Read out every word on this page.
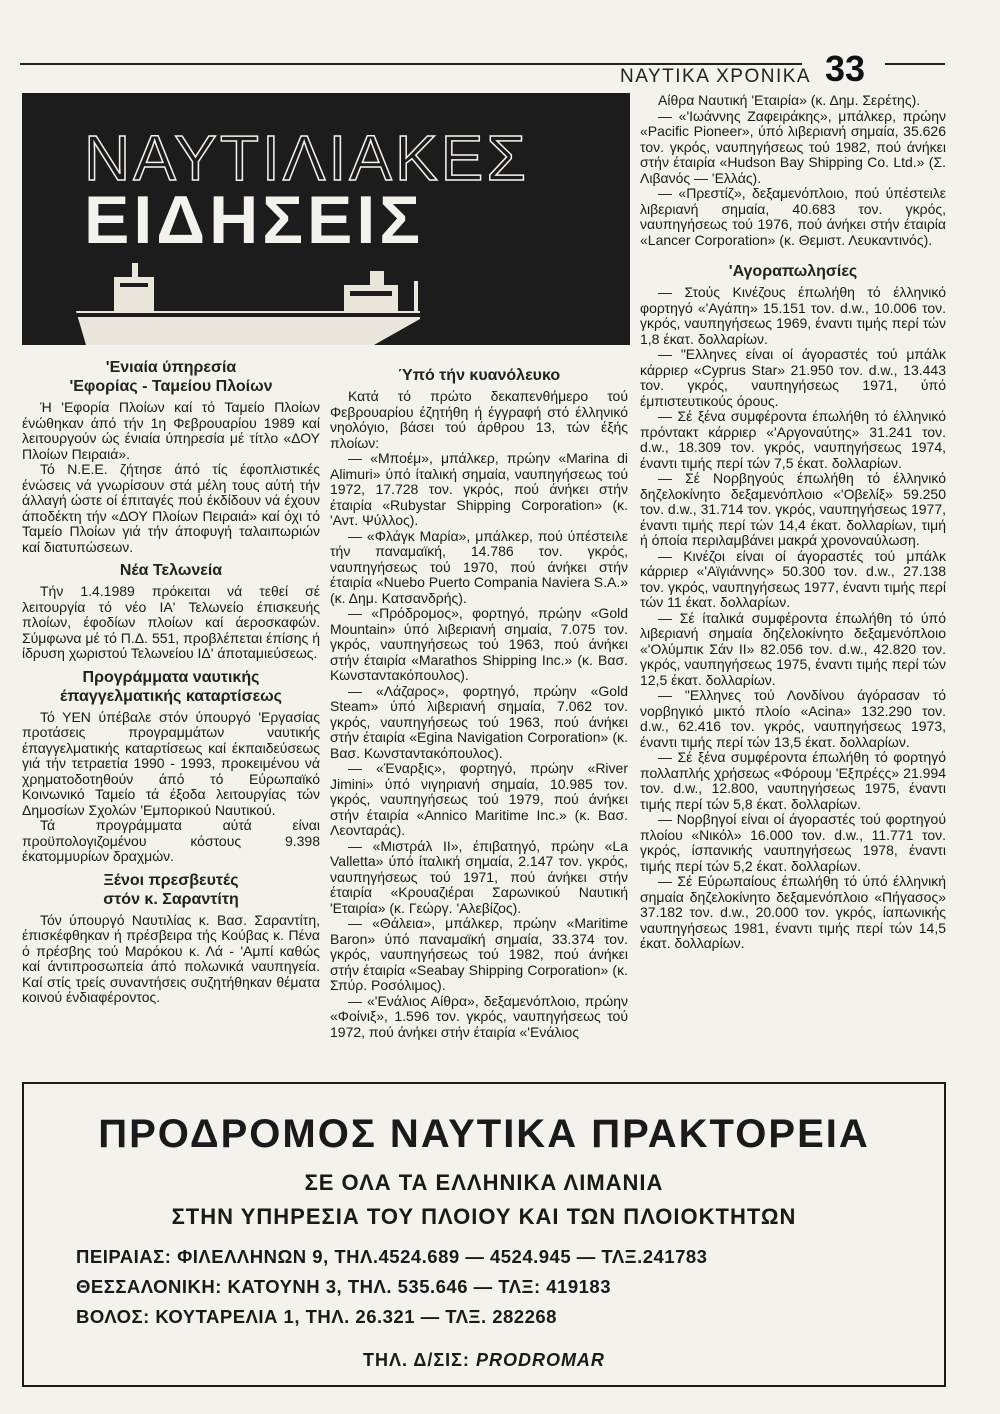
ΝΑΥΤΙΚΑ ΧΡΟΝΙΚΑ 33
ΝΑΥΤΙΛΙΑΚΕΣ
ΕΙΔΗΣΕΙΣ
'Ενιαία ύπηρεσία
'Εφορίας - Ταμείου Πλοίων

Ή 'Εφορία Πλοίων καί τό Ταμείο Πλοίων ένώθηκαν άπό τήν 1η Φεβρουαρίου 1989 καί λειτουργούν ώς ένιαία ύπηρεσία μέ τίτλο «ΔΟΥ Πλοίων Πειραιά».

Τό Ν.Ε.Ε. ζήτησε άπό τίς έφοπλιστικές ένώσεις νά γνωρίσουν στά μέλη τους αύτή τήν άλλαγή ώστε οί έπιταγές πού έκδίδουν νά έχουν άποδέκτη τήν «ΔΟΥ Πλοίων Πειραιά» καί όχι τό Ταμείο Πλοίων γιά τήν άποφυγή ταλαιπωριών καί διατυπώσεων.

Νέα Τελωνεία

Τήν 1.4.1989 πρόκειται νά τεθεί σέ λειτουργία τό νέο ΙΑ' Τελωνείο έπισκευής πλοίων, έφοδίων πλοίων καί άεροσκαφών. Σύμφωνα μέ τό Π.Δ. 551, προβλέπεται έπίσης ή ίδρυση χωριστού Τελωνείου ΙΔ' άποταμιεύσεως.

Προγράμματα ναυτικής
έπαγγελματικής καταρτίσεως

Τό ΥΕΝ ύπέβαλε στόν ύπουργό 'Εργασίας προτάσεις προγραμμάτων ναυτικής έπαγγελματικής καταρτίσεως καί έκπαιδεύσεως γιά τήν τετραετία 1990 - 1993, προκειμένου νά χρηματοδοτηθούν άπό τό Εύρωπαϊκό Κοινωνικό Ταμείο τά έξοδα λειτουργίας τών Δημοσίων Σχολών 'Εμπορικού Ναυτικού.

Τά προγράμματα αύτά είναι προϋπολογιζομένου κόστους 9.398 έκατομμυρίων δραχμών.

Ξένοι πρεσβευτές
στόν κ. Σαραντίτη

Τόν ύπουργό Ναυτιλίας κ. Βασ. Σαραντίτη, έπισκέφθηκαν ή πρέσβειρα τής Κούβας κ. Πένα ό πρέσβης τού Μαρόκου κ. Λά - 'Αμπί καθώς καί άντιπροσωπεία άπό πολωνικά ναυπηγεία. Καί στίς τρείς συναντήσεις συζητήθηκαν θέματα κοινού ένδιαφέροντος.

Ύπό τήν κυανόλευκο

Κατά τό πρώτο δεκαπενθήμερο τού Φεβρουαρίου έζητήθη ή έγγραφή στό έλληνικό νηολόγιο, βάσει τού άρθρου 13, τών έξής πλοίων:

— «Μποέμ», μπάλκερ, πρώην «Marina di Alimuri» ύπό ίταλική σημαία, ναυπηγήσεως τού 1972, 17.728 τον. γκρός, πού άνήκει στήν έταιρία «Rubystar Shipping Corporation» (κ. 'Αντ. Ψύλλος).

— «Φλάγκ Μαρία», μπάλκερ, πού ύπέστειλε τήν παναμαϊκή, 14.786 τον. γκρός, ναυπηγήσεως τού 1970, πού άνήκει στήν έταιρία «Nuebo Puerto Compania Naviera S.A.» (κ. Δημ. Κατσανδρής).

— «Πρόδρομος», φορτηγό, πρώην «Gold Mountain» ύπό λιβεριανή σημαία, 7.075 τον. γκρός, ναυπηγήσεως τού 1963, πού άνήκει στήν έταιρία «Marathos Shipping Inc.» (κ. Βασ. Κωνσταντακόπουλος).

— «Λάζαρος», φορτηγό, πρώην «Gold Steam» ύπό λιβεριανή σημαία, 7.062 τον. γκρός, ναυπηγήσεως τού 1963, πού άνήκει στήν έταιρία «Egina Navigation Corporation» (κ. Βασ. Κωνσταντακόπουλος).

— «Έναρξις», φορτηγό, πρώην «River Jimini» ύπό νιγηριανή σημαία, 10.985 τον. γκρός, ναυπηγήσεως τού 1979, πού άνήκει στήν έταιρία «Annico Maritime Inc.» (κ. Βασ. Λεονταράς).

— «Μιστράλ ΙΙ», έπιβατηγό, πρώην «La Valletta» ύπό ίταλική σημαία, 2.147 τον. γκρός, ναυπηγήσεως τού 1971, πού άνήκει στήν έταιρία «Κρουαζιέραι Σαρωνικού Ναυτική 'Εταιρία» (κ. Γεώργ. 'Αλεβίζος).

— «Θάλεια», μπάλκερ, πρώην «Maritime Baron» ύπό παναμαϊκή σημαία, 33.374 τον. γκρός, ναυπηγήσεως τού 1982, πού άνήκει στήν έταιρία «Seabay Shipping Corporation» (κ. Σπύρ. Ροσόλιμος).

— «'Ενάλιος Αίθρα», δεξαμενόπλοιο, πρώην «Φοίνιξ», 1.596 τον. γκρός, ναυπηγήσεως τού 1972, πού άνήκει στήν έταιρία «'Ενάλιος

Αίθρα Ναυτική 'Εταιρία» (κ. Δημ. Σερέτης).

— «'Ιωάννης Ζαφειράκης», μπάλκερ, πρώην «Pacific Pioneer», ύπό λιβεριανή σημαία, 35.626 τον. γκρός, ναυπηγήσεως τού 1982, πού άνήκει στήν έταιρία «Hudson Bay Shipping Co. Ltd.» (Σ. Λιβανός — 'Ελλάς).

— «Πρεστίζ», δεξαμενόπλοιο, πού ύπέστειλε λιβεριανή σημαία, 40.683 τον. γκρός, ναυπηγήσεως τού 1976, πού άνήκει στήν έταιρία «Lancer Corporation» (κ. Θεμιστ. Λευκαντινός).

'Αγοραπωλησίες

— Στούς Κινέζους έπωλήθη τό έλληνικό φορτηγό «'Αγάπη» 15.151 τον. d.w., 10.006 τον. γκρός, ναυπηγήσεως 1969, έναντι τιμής περί τών 1,8 έκατ. δολλαρίων.

— "Ελληνες είναι οί άγοραστές τού μπάλκ κάρριερ «Cyprus Star» 21.950 τον. d.w., 13.443 τον. γκρός, ναυπηγήσεως 1971, ύπό έμπιστευτικούς όρους.

— Σέ ξένα συμφέροντα έπωλήθη τό έλληνικό πρόντακτ κάρριερ «'Αργοναύτης» 31.241 τον. d.w., 18.309 τον. γκρός, ναυπηγήσεως 1974, έναντι τιμής περί τών 7,5 έκατ. δολλαρίων.

— Σέ Νορβηγούς έπωλήθη τό έλληνικό δηζελοκίνητο δεξαμενόπλοιο «'Οβελίξ» 59.250 τον. d.w., 31.714 τον. γκρός, ναυπηγήσεως 1977, έναντι τιμής περί τών 14,4 έκατ. δολλαρίων, τιμή ή όποία περιλαμβάνει μακρά χρονοναύλωση.

— Κινέζοι είναι οί άγοραστές τού μπάλκ κάρριερ «'Αϊγιάννης» 50.300 τον. d.w., 27.138 τον. γκρός, ναυπηγήσεως 1977, έναντι τιμής περί τών 11 έκατ. δολλαρίων.

— Σέ ίταλικά συμφέροντα έπωλήθη τό ύπό λιβεριανή σημαία δηζελοκίνητο δεξαμενόπλοιο «'Ολύμπικ Σάν ΙΙ» 82.056 τον. d.w., 42.820 τον. γκρός, ναυπηγήσεως 1975, έναντι τιμής περί τών 12,5 έκατ. δολλαρίων.

— "Ελληνες τού Λονδίνου άγόρασαν τό νορβηγικό μικτό πλοίο «Acina» 132.290 τον. d.w., 62.416 τον. γκρός, ναυπηγήσεως 1973, έναντι τιμής περί τών 13,5 έκατ. δολλαρίων.

— Σέ ξένα συμφέροντα έπωλήθη τό φορτηγό πολλαπλής χρήσεως «Φόρουμ 'Εξπρέςς» 21.994 τον. d.w., 12.800, ναυπηγήσεως 1975, έναντι τιμής περί τών 5,8 έκατ. δολλαρίων.

— Νορβηγοί είναι οί άγοραστές τού φορτηγού πλοίου «Νικόλ» 16.000 τον. d.w., 11.771 τον. γκρός, ίσπανικής ναυπηγήσεως 1978, έναντι τιμής περί τών 5,2 έκατ. δολλαρίων.

— Σέ Εύρωπαίους έπωλήθη τό ύπό έλληνική σημαία δηζελοκίνητο δεξαμενόπλοιο «Πήγασος» 37.182 τον. d.w., 20.000 τον. γκρός, ίαπωνικής ναυπηγήσεως 1981, έναντι τιμής περί τών 14,5 έκατ. δολλαρίων.

ΠΡΟΔΡΟΜΟΣ ΝΑΥΤΙΚΑ ΠΡΑΚΤΟΡΕΙΑ
ΣΕ ΟΛΑ ΤΑ ΕΛΛΗΝΙΚΑ ΛΙΜΑΝΙΑ
ΣΤΗΝ ΥΠΗΡΕΣΙΑ ΤΟΥ ΠΛΟΙΟΥ ΚΑΙ ΤΩΝ ΠΛΟΙΟΚΤΗΤΩΝ
ΠΕΙΡΑΙΑΣ: ΦΙΛΕΛΛΗΝΩΝ 9, ΤΗΛ.4524.689 — 4524.945 — ΤΛΞ.241783
ΘΕΣΣΑΛΟΝΙΚΗ: ΚΑΤΟΥΝΗ 3, ΤΗΛ. 535.646 — ΤΛΞ: 419183
ΒΟΛΟΣ: ΚΟΥΤΑΡΕΛΙΑ 1, ΤΗΛ. 26.321 — ΤΛΞ. 282268
ΤΗΛ. Δ/ΣΙΣ: PRODROMAR
